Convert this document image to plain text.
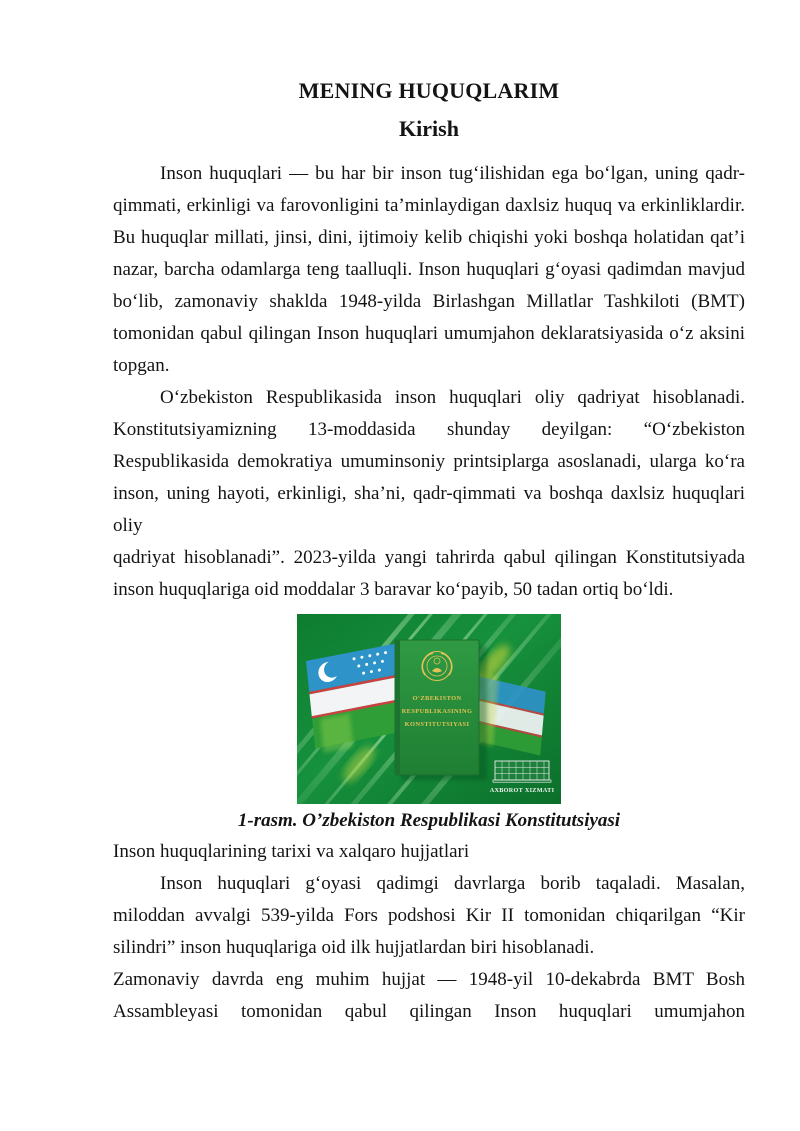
MENING HUQUQLARIM
Kirish
Inson huquqlari — bu har bir inson tug‘ilishidan ega bo‘lgan, uning qadr-
qimmati, erkinligi va farovonligini ta’minlaydigan daxlsiz huquq va erkinliklardir.
Bu huquqlar millati, jinsi, dini, ijtimoiy kelib chiqishi yoki boshqa holatidan qat’i
nazar, barcha odamlarga teng taalluqli. Inson huquqlari g‘oyasi qadimdan mavjud
bo‘lib, zamonaviy shaklda 1948-yilda Birlashgan Millatlar Tashkiloti (BMT)
tomonidan qabul qilingan Inson huquqlari umumjahon deklaratsiyasida o‘z aksini
topgan.
O‘zbekiston Respublikasida inson huquqlari oliy qadriyat hisoblanadi.
Konstitutsiyamizning 13-moddasida shunday deyilgan: “O‘zbekiston
Respublikasida demokratiya umuminsoniy printsiplarga asoslanadi, ularga ko‘ra
inson, uning hayoti, erkinligi, sha’ni, qadr-qimmati va boshqa daxlsiz huquqlari oliy
qadriyat hisoblanadi”. 2023-yilda yangi tahrirda qabul qilingan Konstitutsiyada
inson huquqlariga oid moddalar 3 baravar ko‘payib, 50 tadan ortiq bo‘ldi.
O‘ZBEKISTON
RESPUBLIKASINING
KONSTITUTSIYASI
AXBOROT XIZMATI
1-rasm. O’zbekiston Respublikasi Konstitutsiyasi
Inson huquqlarining tarixi va xalqaro hujjatlari
Inson huquqlari g‘oyasi qadimgi davrlarga borib taqaladi. Masalan,
miloddan avvalgi 539-yilda Fors podshosi Kir II tomonidan chiqarilgan “Kir
silindri” inson huquqlariga oid ilk hujjatlardan biri hisoblanadi.
Zamonaviy davrda eng muhim hujjat — 1948-yil 10-dekabrda BMT Bosh
Assambleyasi tomonidan qabul qilingan Inson huquqlari umumjahon
